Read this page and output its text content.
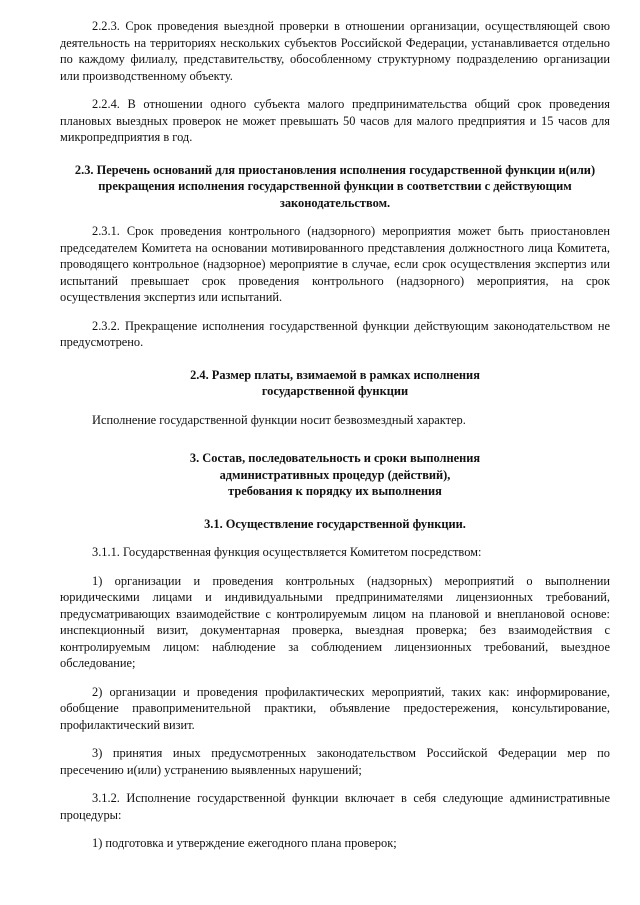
2.2.3. Срок проведения выездной проверки в отношении организации, осуществляющей свою деятельность на территориях нескольких субъектов Российской Федерации, устанавливается отдельно по каждому филиалу, представительству, обособленному структурному подразделению организации или производственному объекту.

2.2.4. В отношении одного субъекта малого предпринимательства общий срок проведения плановых выездных проверок не может превышать 50 часов для малого предприятия и 15 часов для микропредприятия в год.

2.3. Перечень оснований для приостановления исполнения государственной функции и(или)
прекращения исполнения государственной функции в соответствии с действующим
законодательством.

2.3.1. Срок проведения контрольного (надзорного) мероприятия может быть приостановлен председателем Комитета на основании мотивированного представления должностного лица Комитета, проводящего контрольное (надзорное) мероприятие в случае, если срок осуществления экспертиз или испытаний превышает срок проведения контрольного (надзорного) мероприятия, на срок осуществления экспертиз или испытаний.

2.3.2. Прекращение исполнения государственной функции действующим законодательством не предусмотрено.

2.4. Размер платы, взимаемой в рамках исполнения
государственной функции

Исполнение государственной функции носит безвозмездный характер.

3. Состав, последовательность и сроки выполнения
административных процедур (действий),
требования к порядку их выполнения
3.1. Осуществление государственной функции.

3.1.1. Государственная функция осуществляется Комитетом посредством:

1) организации и проведения контрольных (надзорных) мероприятий о выполнении юридическими лицами и индивидуальными предпринимателями лицензионных требований, предусматривающих взаимодействие с контролируемым лицом на плановой и внеплановой основе: инспекционный визит, документарная проверка, выездная проверка; без взаимодействия с контролируемым лицом: наблюдение за соблюдением лицензионных требований, выездное обследование;

2) организации и проведения профилактических мероприятий, таких как: информирование, обобщение правоприменительной практики, объявление предостережения, консультирование, профилактический визит.

3) принятия иных предусмотренных законодательством Российской Федерации мер по пресечению и(или) устранению выявленных нарушений;

3.1.2. Исполнение государственной функции включает в себя следующие административные процедуры:

1) подготовка и утверждение ежегодного плана проверок;
